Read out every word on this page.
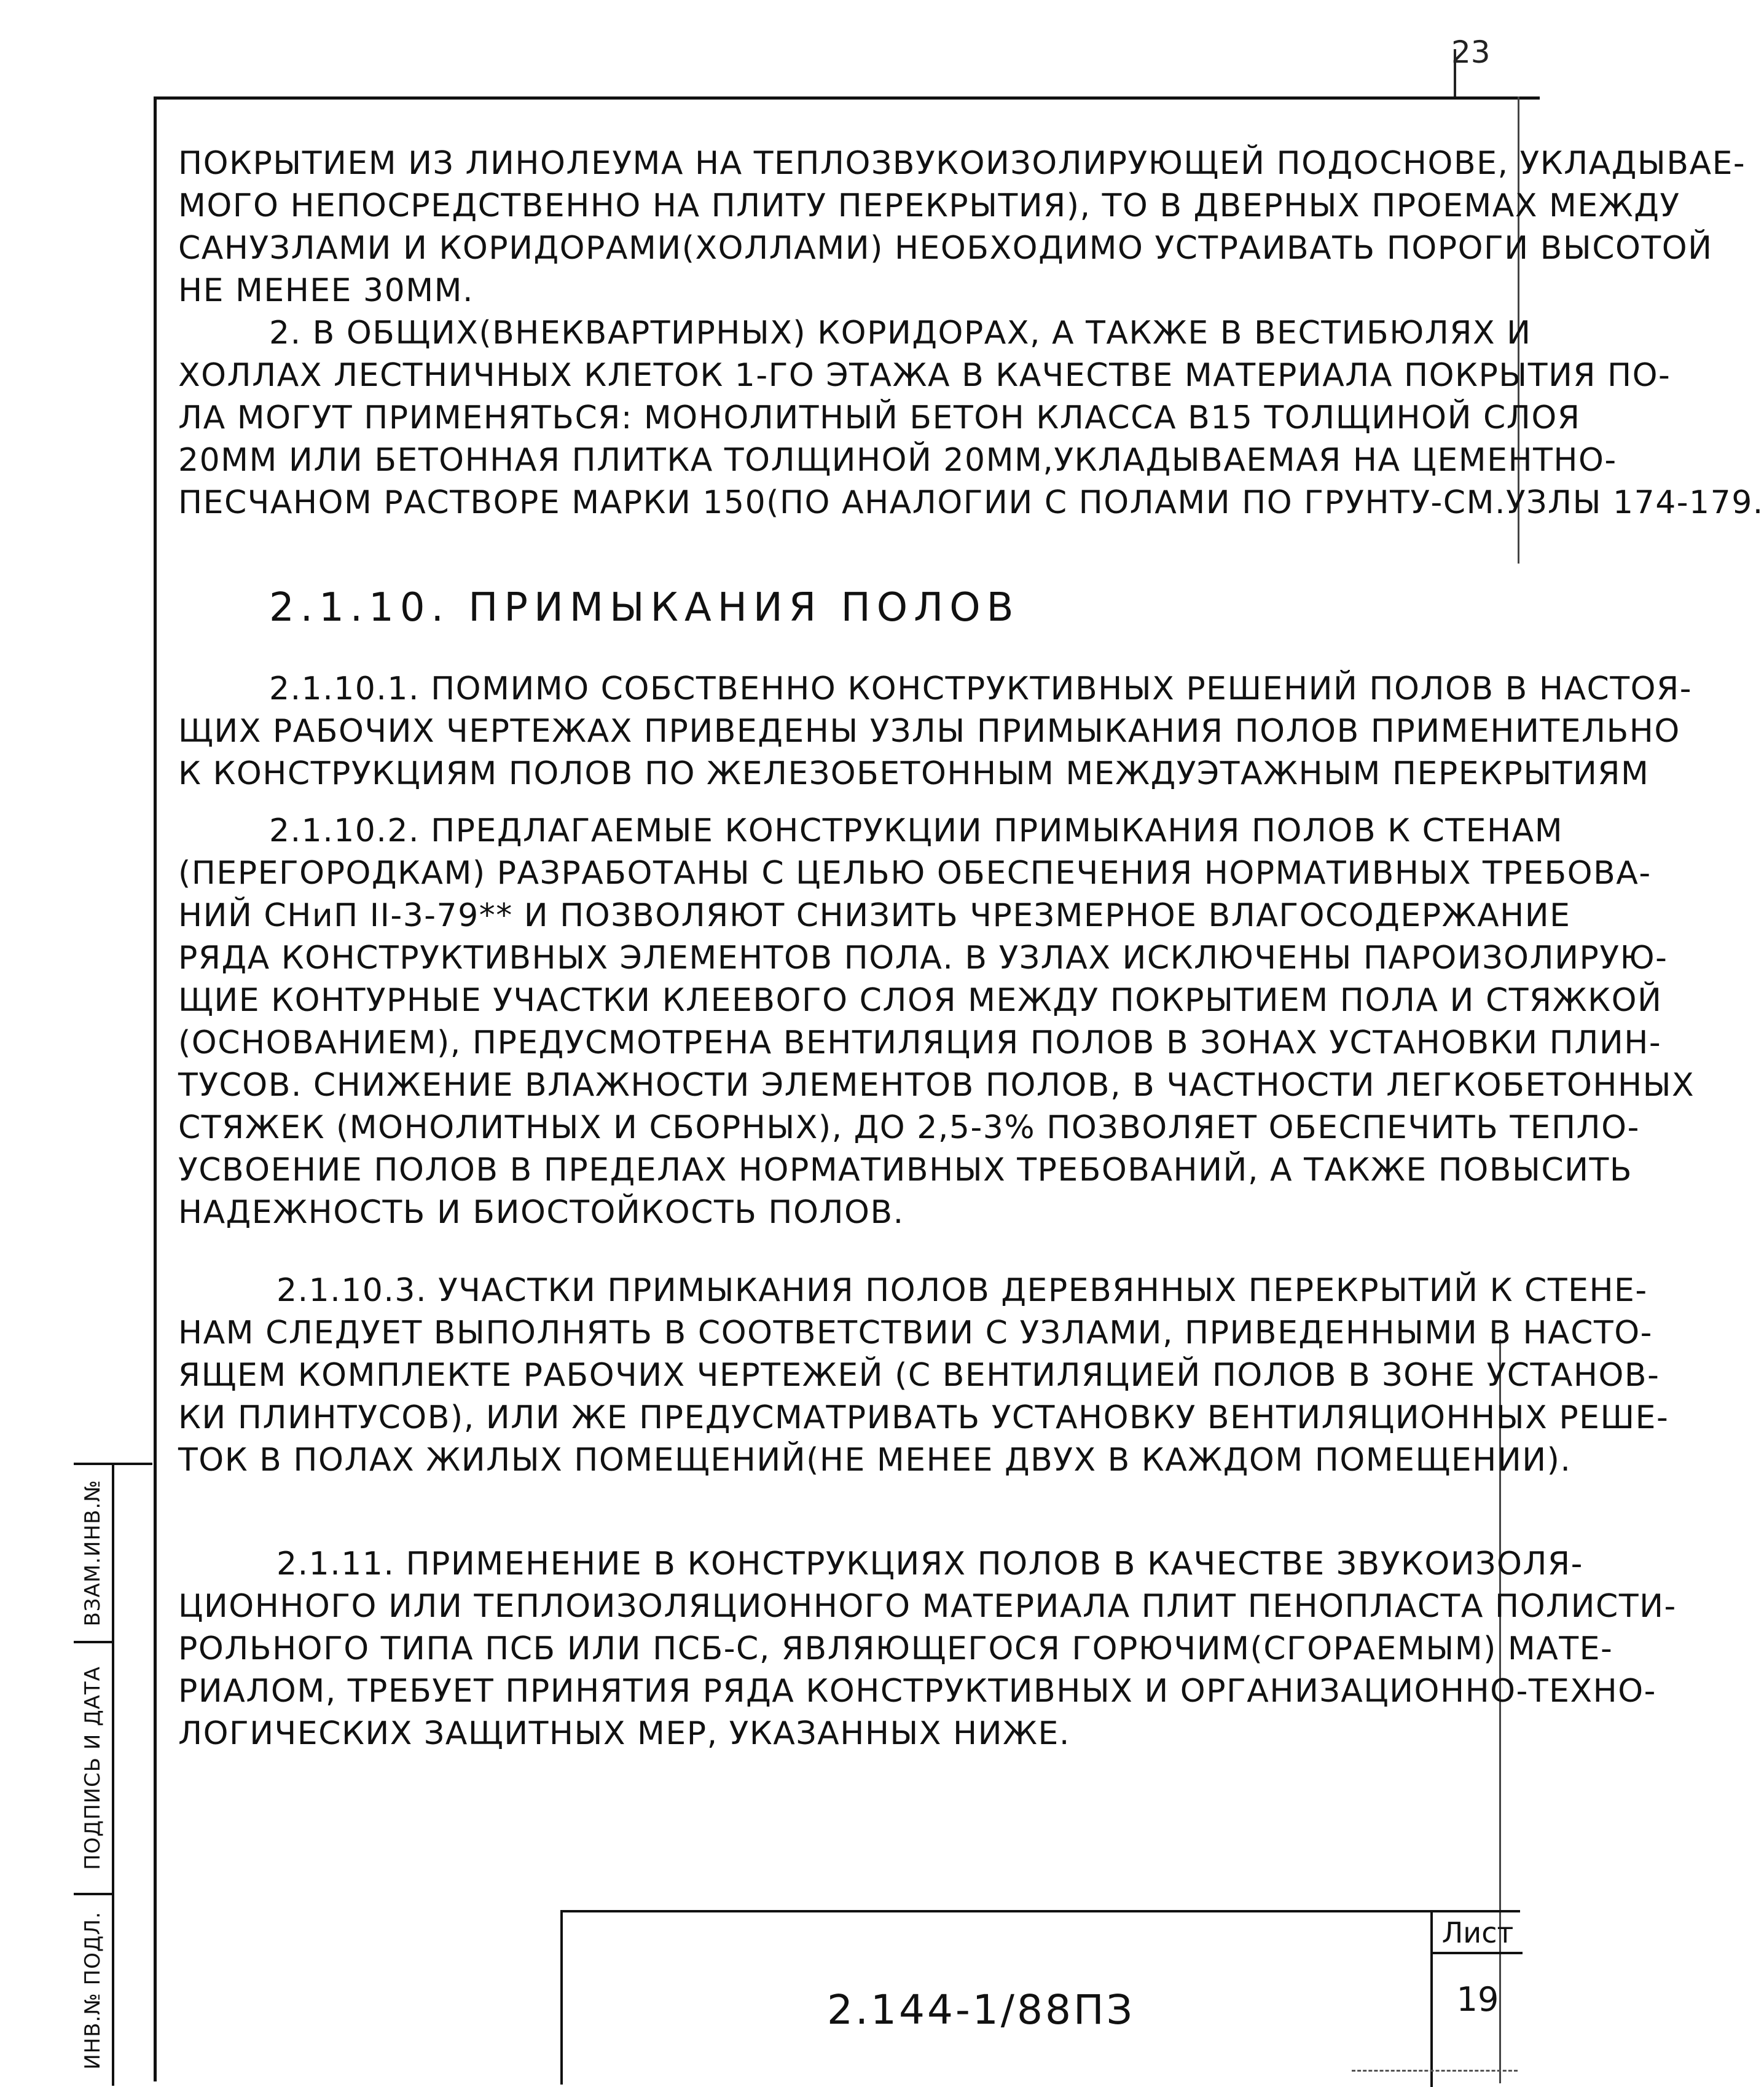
23
ПОКРЫТИЕМ ИЗ ЛИНОЛЕУМА НА ТЕПЛОЗВУКОИЗОЛИРУЮЩЕЙ ПОДОСНОВЕ, УКЛАДЫВАЕ-
МОГО НЕПОСРЕДСТВЕННО НА ПЛИТУ ПЕРЕКРЫТИЯ), ТО В ДВЕРНЫХ ПРОЕМАХ МЕЖДУ
САНУЗЛАМИ И КОРИДОРАМИ(ХОЛЛАМИ) НЕОБХОДИМО УСТРАИВАТЬ ПОРОГИ ВЫСОТОЙ
НЕ МЕНЕЕ 30ММ.
2. В ОБЩИХ(ВНЕКВАРТИРНЫХ) КОРИДОРАХ, А ТАКЖЕ В ВЕСТИБЮЛЯХ И
ХОЛЛАХ ЛЕСТНИЧНЫХ КЛЕТОК 1-ГО ЭТАЖА В КАЧЕСТВЕ МАТЕРИАЛА ПОКРЫТИЯ ПО-
ЛА МОГУТ ПРИМЕНЯТЬСЯ: МОНОЛИТНЫЙ БЕТОН КЛАССА В15 ТОЛЩИНОЙ СЛОЯ
20ММ ИЛИ БЕТОННАЯ ПЛИТКА ТОЛЩИНОЙ 20ММ,УКЛАДЫВАЕМАЯ НА ЦЕМЕНТНО-
ПЕСЧАНОМ РАСТВОРЕ МАРКИ 150(ПО АНАЛОГИИ С ПОЛАМИ ПО ГРУНТУ-СМ.УЗЛЫ 174-179.
2.1.10. ПРИМЫКАНИЯ ПОЛОВ
2.1.10.1. ПОМИМО СОБСТВЕННО КОНСТРУКТИВНЫХ РЕШЕНИЙ ПОЛОВ В НАСТОЯ-
ЩИХ РАБОЧИХ ЧЕРТЕЖАХ ПРИВЕДЕНЫ УЗЛЫ ПРИМЫКАНИЯ ПОЛОВ ПРИМЕНИТЕЛЬНО
К КОНСТРУКЦИЯМ ПОЛОВ ПО ЖЕЛЕЗОБЕТОННЫМ МЕЖДУЭТАЖНЫМ ПЕРЕКРЫТИЯМ
2.1.10.2. ПРЕДЛАГАЕМЫЕ КОНСТРУКЦИИ ПРИМЫКАНИЯ ПОЛОВ К СТЕНАМ
(ПЕРЕГОРОДКАМ) РАЗРАБОТАНЫ С ЦЕЛЬЮ ОБЕСПЕЧЕНИЯ НОРМАТИВНЫХ ТРЕБОВА-
НИЙ СНиП II-3-79** И ПОЗВОЛЯЮТ СНИЗИТЬ ЧРЕЗМЕРНОЕ ВЛАГОСОДЕРЖАНИЕ
РЯДА КОНСТРУКТИВНЫХ ЭЛЕМЕНТОВ ПОЛА. В УЗЛАХ ИСКЛЮЧЕНЫ ПАРОИЗОЛИРУЮ-
ЩИЕ КОНТУРНЫЕ УЧАСТКИ КЛЕЕВОГО СЛОЯ МЕЖДУ ПОКРЫТИЕМ ПОЛА И СТЯЖКОЙ
(ОСНОВАНИЕМ), ПРЕДУСМОТРЕНА ВЕНТИЛЯЦИЯ ПОЛОВ В ЗОНАХ УСТАНОВКИ ПЛИН-
ТУСОВ. СНИЖЕНИЕ ВЛАЖНОСТИ ЭЛЕМЕНТОВ ПОЛОВ, В ЧАСТНОСТИ ЛЕГКОБЕТОННЫХ
СТЯЖЕК (МОНОЛИТНЫХ И СБОРНЫХ), ДО 2,5-3% ПОЗВОЛЯЕТ ОБЕСПЕЧИТЬ ТЕПЛО-
УСВОЕНИЕ ПОЛОВ В ПРЕДЕЛАХ НОРМАТИВНЫХ ТРЕБОВАНИЙ, А ТАКЖЕ ПОВЫСИТЬ
НАДЕЖНОСТЬ И БИОСТОЙКОСТЬ ПОЛОВ.
2.1.10.3. УЧАСТКИ ПРИМЫКАНИЯ ПОЛОВ ДЕРЕВЯННЫХ ПЕРЕКРЫТИЙ К СТЕНЕ-
НАМ СЛЕДУЕТ ВЫПОЛНЯТЬ В СООТВЕТСТВИИ С УЗЛАМИ, ПРИВЕДЕННЫМИ В НАСТО-
ЯЩЕМ КОМПЛЕКТЕ РАБОЧИХ ЧЕРТЕЖЕЙ (С ВЕНТИЛЯЦИЕЙ ПОЛОВ В ЗОНЕ УСТАНОВ-
КИ ПЛИНТУСОВ), ИЛИ ЖЕ ПРЕДУСМАТРИВАТЬ УСТАНОВКУ ВЕНТИЛЯЦИОННЫХ РЕШЕ-
ТОК В ПОЛАХ ЖИЛЫХ ПОМЕЩЕНИЙ(НЕ МЕНЕЕ ДВУХ В КАЖДОМ ПОМЕЩЕНИИ).
2.1.11. ПРИМЕНЕНИЕ В КОНСТРУКЦИЯХ ПОЛОВ В КАЧЕСТВЕ ЗВУКОИЗОЛЯ-
ЦИОННОГО ИЛИ ТЕПЛОИЗОЛЯЦИОННОГО МАТЕРИАЛА ПЛИТ ПЕНОПЛАСТА ПОЛИСТИ-
РОЛЬНОГО ТИПА ПСБ ИЛИ ПСБ-С, ЯВЛЯЮЩЕГОСЯ ГОРЮЧИМ(СГОРАЕМЫМ) МАТЕ-
РИАЛОМ, ТРЕБУЕТ ПРИНЯТИЯ РЯДА КОНСТРУКТИВНЫХ И ОРГАНИЗАЦИОННО-ТЕХНО-
ЛОГИЧЕСКИХ ЗАЩИТНЫХ МЕР, УКАЗАННЫХ НИЖЕ.
ВЗАМ.ИНВ.№
ПОДПИСЬ И ДАТА
ИНВ.№ ПОДЛ.	2.144-1/88ПЗ
Лист
19
